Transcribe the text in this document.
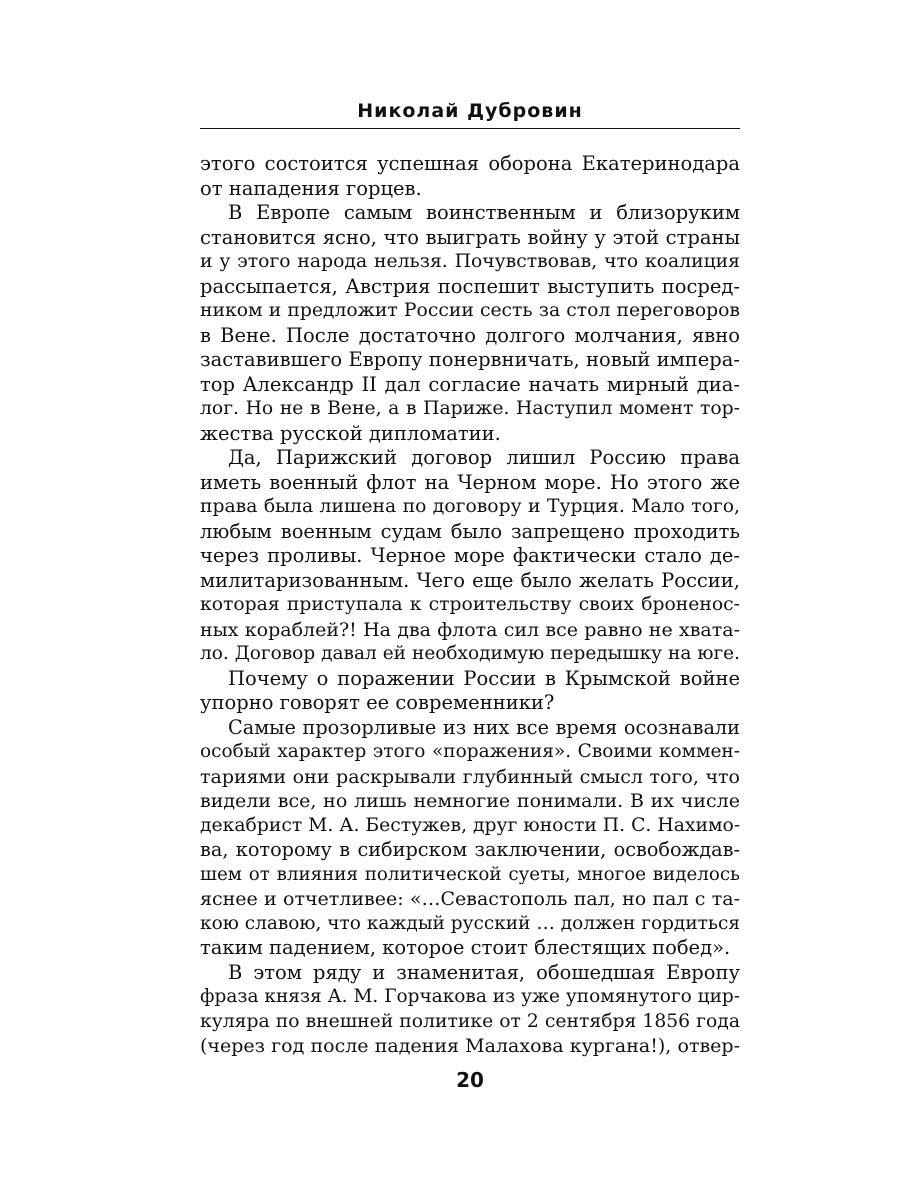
Николай Дубровин
этого состоится успешная оборона Екатеринодара
от нападения горцев.
В Европе самым воинственным и близоруким
становится ясно, что выиграть войну у этой страны
и у этого народа нельзя. Почувствовав, что коалиция
рассыпается, Австрия поспешит выступить посред-
ником и предложит России сесть за стол переговоров
в Вене. После достаточно долгого молчания, явно
заставившего Европу понервничать, новый импера-
тор Александр II дал согласие начать мирный диа-
лог. Но не в Вене, а в Париже. Наступил момент тор-
жества русской дипломатии.
Да, Парижский договор лишил Россию права
иметь военный флот на Черном море. Но этого же
права была лишена по договору и Турция. Мало того,
любым военным судам было запрещено проходить
через проливы. Черное море фактически стало де-
милитаризованным. Чего еще было желать России,
которая приступала к строительству своих броненос-
ных кораблей?! На два флота сил все равно не хвата-
ло. Договор давал ей необходимую передышку на юге.
Почему о поражении России в Крымской войне
упорно говорят ее современники?
Самые прозорливые из них все время осознавали
особый характер этого «поражения». Своими коммен-
тариями они раскрывали глубинный смысл того, что
видели все, но лишь немногие понимали. В их числе
декабрист М. А. Бестужев, друг юности П. С. Нахимо-
ва, которому в сибирском заключении, освобождав-
шем от влияния политической суеты, многое виделось
яснее и отчетливее: «…Севастополь пал, но пал с та-
кою славою, что каждый русский … должен гордиться
таким падением, которое стоит блестящих побед».
В этом ряду и знаменитая, обошедшая Европу
фраза князя А. М. Горчакова из уже упомянутого цир-
куляра по внешней политике от 2 сентября 1856 года
(через год после падения Малахова кургана!), отвер-
20
